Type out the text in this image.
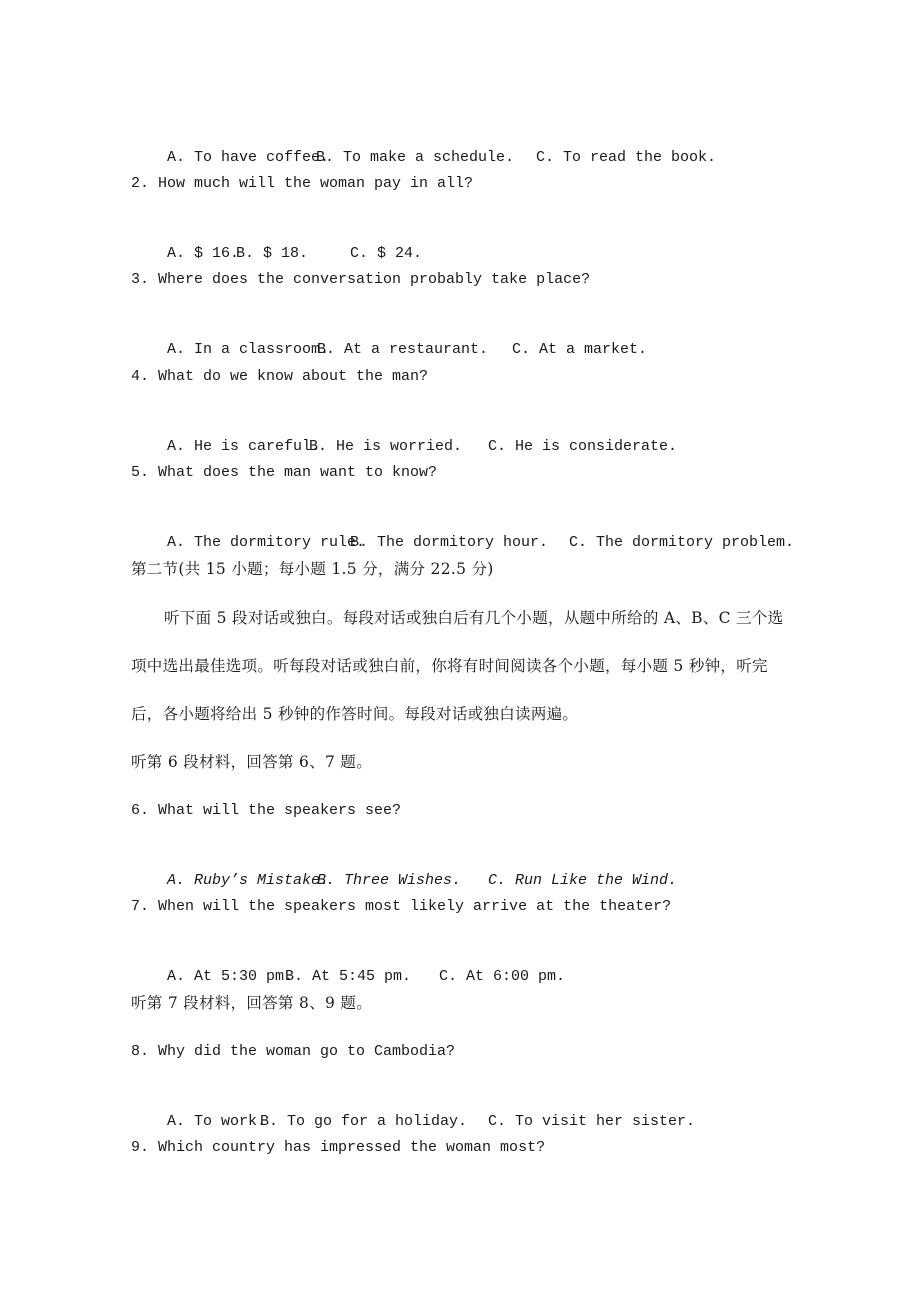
A. To have coffee.
B. To make a schedule. C. To read the book.

2. How much will the woman pay in all?

A. $ 16.
B. $ 18.	C. $ 24.

3. Where does the conversation probably take place?

A. In a classroom.
B. At a restaurant. C. At a market.

4. What do we know about the man?

A. He is careful.
B. He is worried. C. He is considerate.

5. What does the man want to know?

A. The dormitory rule.
B. The dormitory hour. C. The dormitory problem.

第二节(共 15 小题；每小题 1.5 分，满分 22.5 分)
听下面 5 段对话或独白。每段对话或独白后有几个小题，从题中所给的 A、B、C 三个选
项中选出最佳选项。听每段对话或独白前，你将有时间阅读各个小题，每小题 5 秒钟，听完
后，各小题将给出 5 秒钟的作答时间。每段对话或独白读两遍。
听第 6 段材料，回答第 6、7 题。
6. What will the speakers see?

A. Ruby’s Mistake.
B. Three Wishes. C. Run Like the Wind.

7. When will the speakers most likely arrive at the theater?

A. At 5:30 pm.
B. At 5:45 pm. C. At 6:00 pm.

听第 7 段材料，回答第 8、9 题。
8. Why did the woman go to Cambodia?

A. To work.
B. To go for a holiday. C. To visit her sister.

9. Which country has impressed the woman most?
